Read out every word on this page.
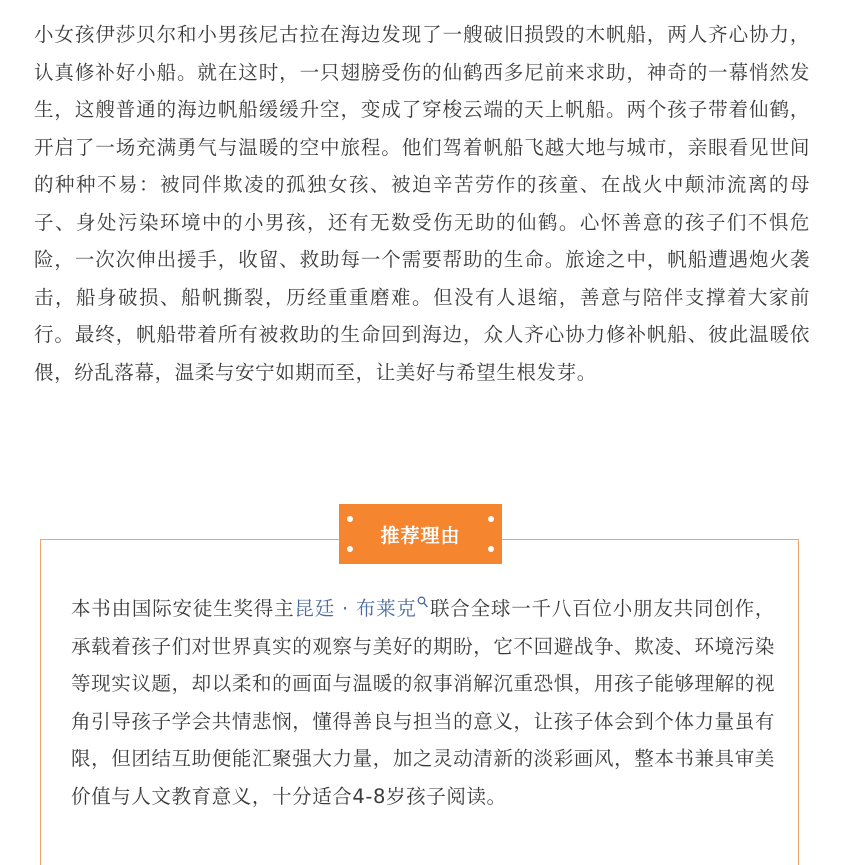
小女孩伊莎贝尔和小男孩尼古拉在海边发现了一艘破旧损毁的木帆船，两人齐心协力，认真修补好小船。就在这时，一只翅膀受伤的仙鹤西多尼前来求助，神奇的一幕悄然发生，这艘普通的海边帆船缓缓升空，变成了穿梭云端的天上帆船。两个孩子带着仙鹤，开启了一场充满勇气与温暖的空中旅程。他们驾着帆船飞越大地与城市，亲眼看见世间的种种不易：被同伴欺凌的孤独女孩、被迫辛苦劳作的孩童、在战火中颠沛流离的母子、身处污染环境中的小男孩，还有无数受伤无助的仙鹤。心怀善意的孩子们不惧危险，一次次伸出援手，收留、救助每一个需要帮助的生命。旅途之中，帆船遭遇炮火袭击，船身破损、船帆撕裂，历经重重磨难。但没有人退缩，善意与陪伴支撑着大家前行。最终，帆船带着所有被救助的生命回到海边，众人齐心协力修补帆船、彼此温暖依偎，纷乱落幕，温柔与安宁如期而至，让美好与希望生根发芽。

推荐理由

本书由国际安徒生奖得主昆廷 · 布莱克 联合全球一千八百位小朋友共同创作，承载着孩子们对世界真实的观察与美好的期盼，它不回避战争、欺凌、环境污染等现实议题，却以柔和的画面与温暖的叙事消解沉重恐惧，用孩子能够理解的视角引导孩子学会共情悲悯，懂得善良与担当的意义，让孩子体会到个体力量虽有限，但团结互助便能汇聚强大力量，加之灵动清新的淡彩画风，整本书兼具审美价值与人文教育意义，十分适合4-8岁孩子阅读。
